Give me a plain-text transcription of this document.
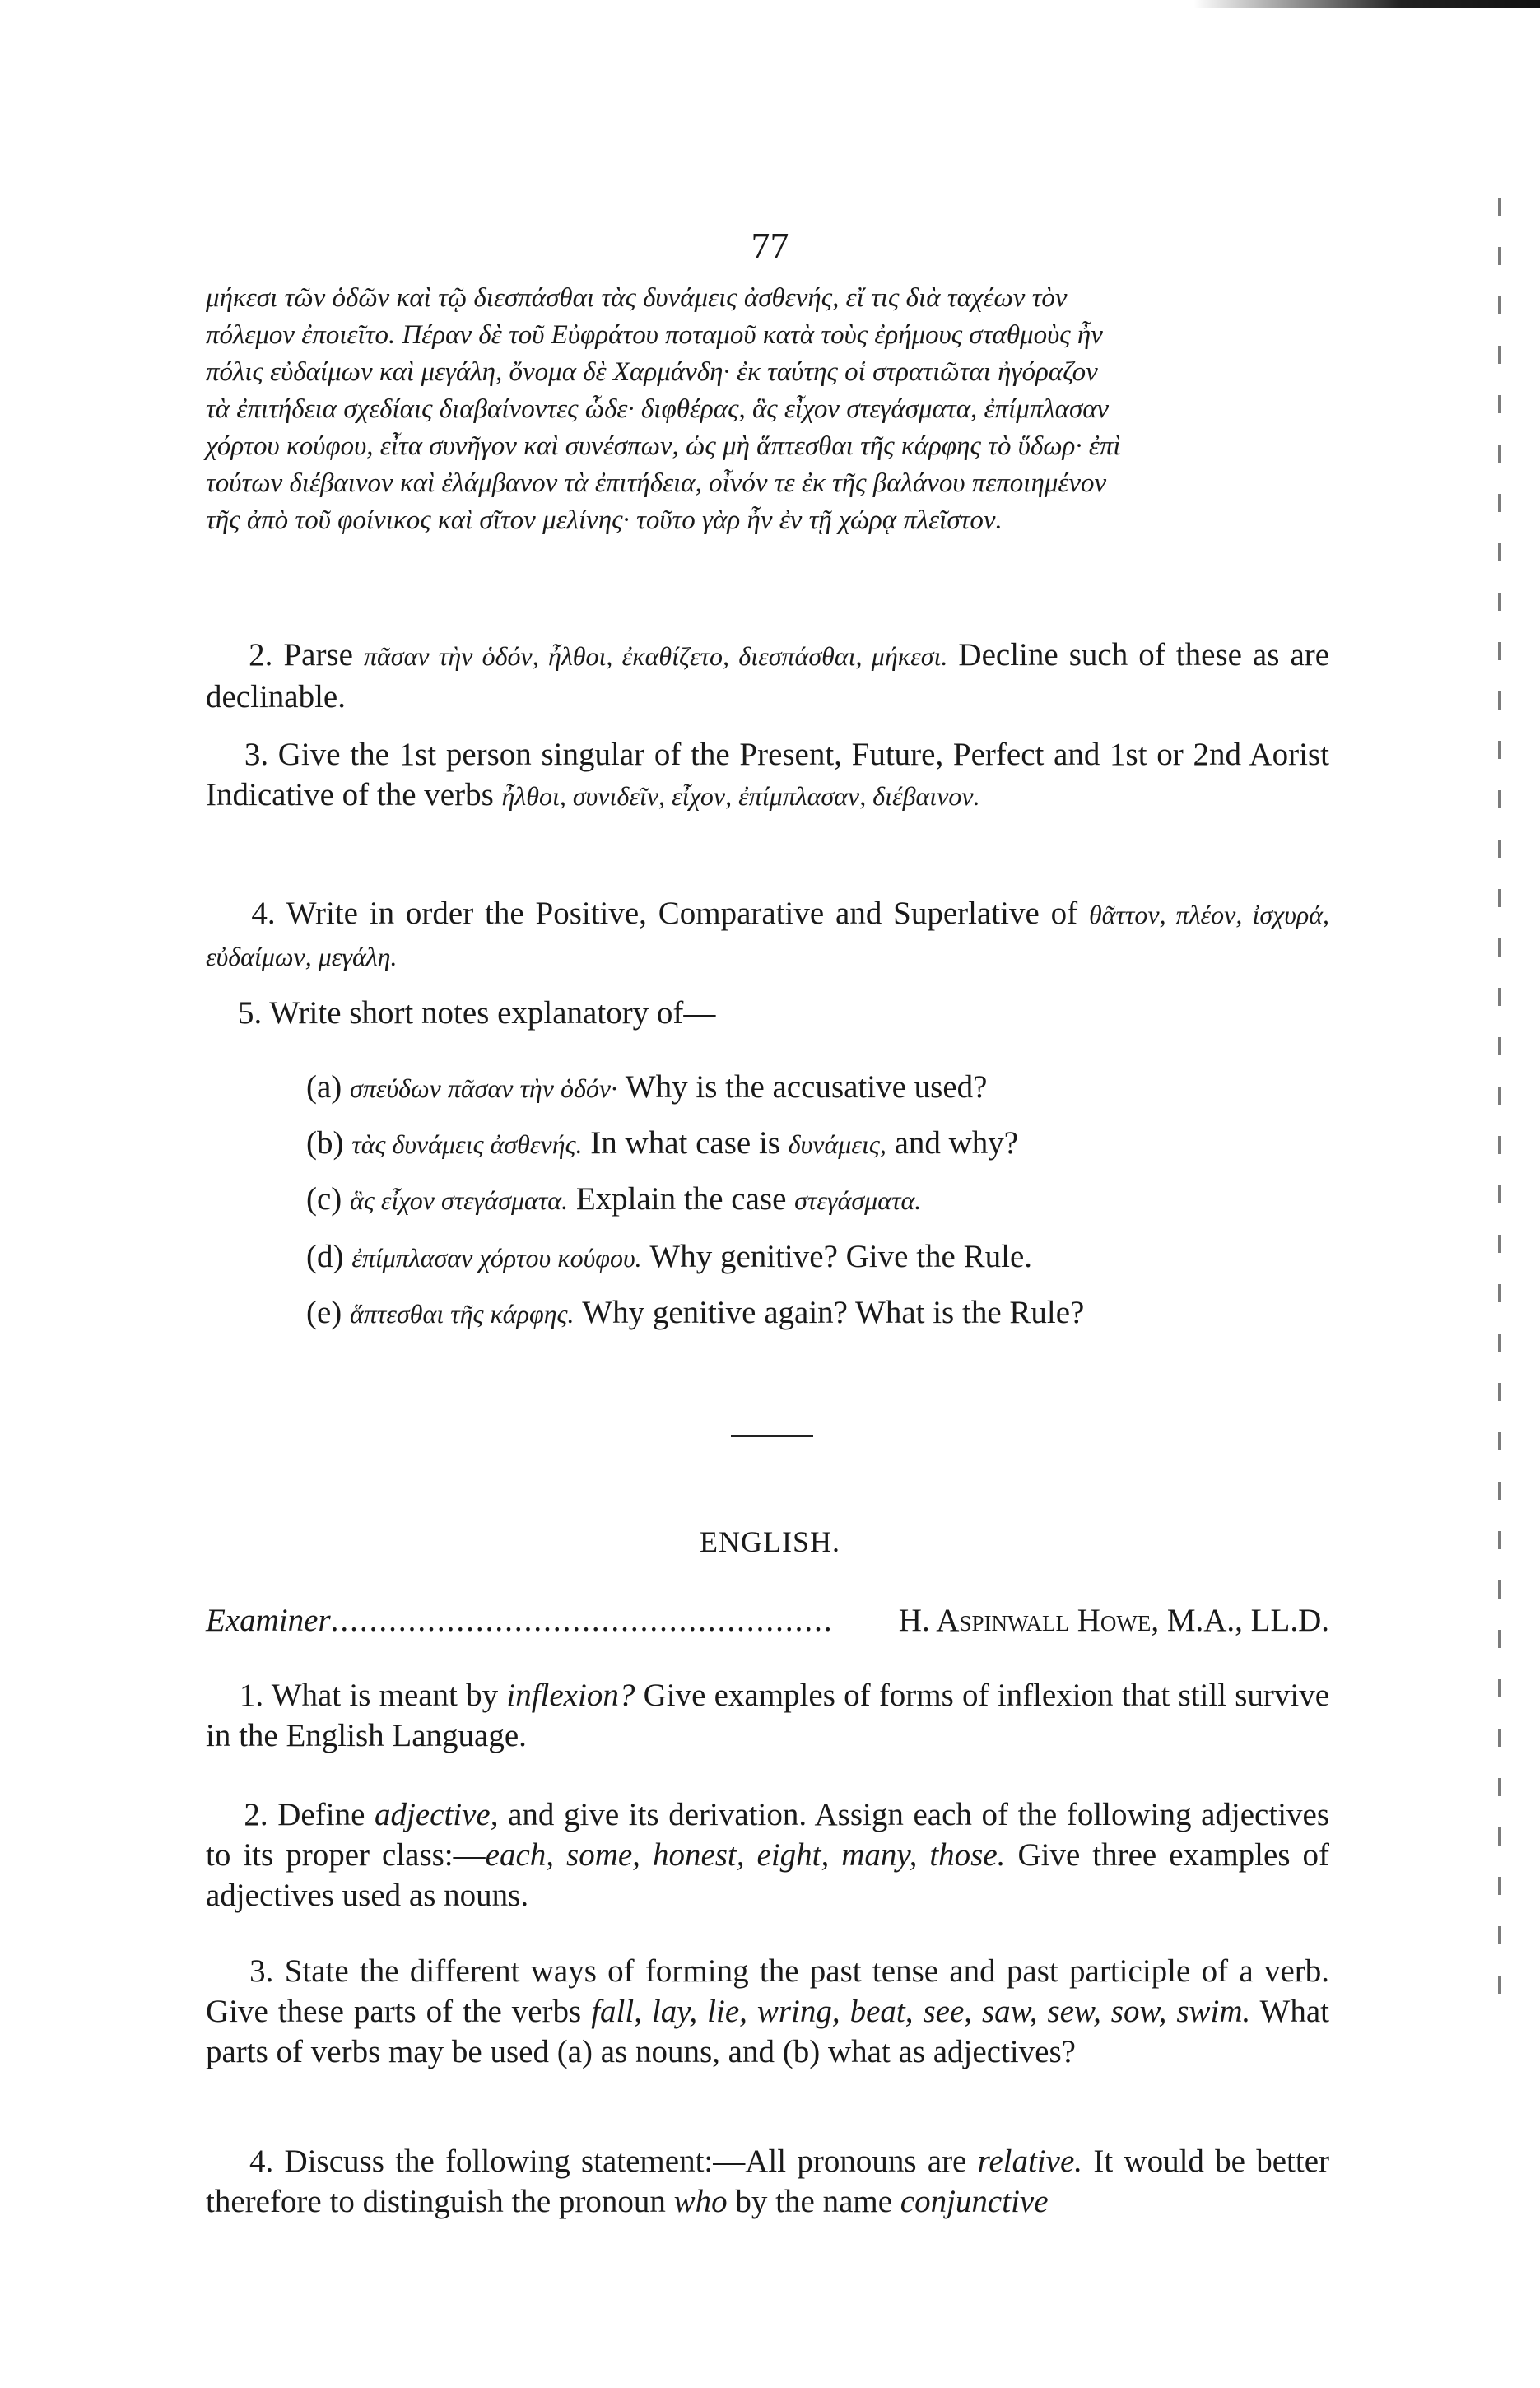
77

μήκεσι τῶν ὁδῶν καὶ τῷ διεσπάσθαι τὰς δυνάμεις ἀσθενής, εἴ τις διὰ ταχέων τὸν

πόλεμον ἐποιεῖτο. Πέραν δὲ τοῦ Εὐφράτου ποταμοῦ κατὰ τοὺς ἐρήμους σταθμοὺς ἦν

πόλις εὐδαίμων καὶ μεγάλη, ὄνομα δὲ Χαρμάνδη· ἐκ ταύτης οἱ στρατιῶται ἠγόραζον

τὰ ἐπιτήδεια σχεδίαις διαβαίνοντες ὧδε· διφθέρας, ἃς εἶχον στεγάσματα, ἐπίμπλασαν

χόρτου κούφου, εἶτα συνῆγον καὶ συνέσπων, ὡς μὴ ἅπτεσθαι τῆς κάρφης τὸ ὕδωρ· ἐπὶ

τούτων διέβαινον καὶ ἐλάμβανον τὰ ἐπιτήδεια, οἶνόν τε ἐκ τῆς βαλάνου πεποιημένον

τῆς ἀπὸ τοῦ φοίνικος καὶ σῖτον μελίνης· τοῦτο γὰρ ἦν ἐν τῇ χώρᾳ πλεῖστον.

2. Parse πᾶσαν τὴν ὁδόν, ἦλθοι, ἐκαθίζετο, διεσπάσθαι, μήκεσι. Decline such of these as are declinable.
3. Give the 1st person singular of the Present, Future, Perfect and 1st or 2nd Aorist Indicative of the verbs ἦλθοι, συνιδεῖν, εἶχον, ἐπίμπλασαν, διέβαινον.
4. Write in order the Positive, Comparative and Superlative of θᾶττον, πλέον, ἰσχυρά, εὐδαίμων, μεγάλη.
5. Write short notes explanatory of—
(a) σπεύδων πᾶσαν τὴν ὁδόν· Why is the accusative used?
(b) τὰς δυνάμεις ἀσθενής. In what case is δυνάμεις, and why?
(c) ἃς εἶχον στεγάσματα. Explain the case στεγάσματα.
(d) ἐπίμπλασαν χόρτου κούφου. Why genitive? Give the Rule.
(e) ἅπτεσθαι τῆς κάρφης. Why genitive again? What is the Rule?
ENGLISH.
Examiner ....................................................	H. Aspinwall Howe, M.A., LL.D.
1. What is meant by inflexion? Give examples of forms of inflexion that still survive in the English Language.
2. Define adjective, and give its derivation. Assign each of the following adjectives to its proper class:—each, some, honest, eight, many, those. Give three examples of adjectives used as nouns.
3. State the different ways of forming the past tense and past participle of a verb. Give these parts of the verbs fall, lay, lie, wring, beat, see, saw, sew, sow, swim. What parts of verbs may be used (a) as nouns, and (b) what as adjectives?
4. Discuss the following statement:—All pronouns are relative. It would be better therefore to distinguish the pronoun who by the name conjunctive
